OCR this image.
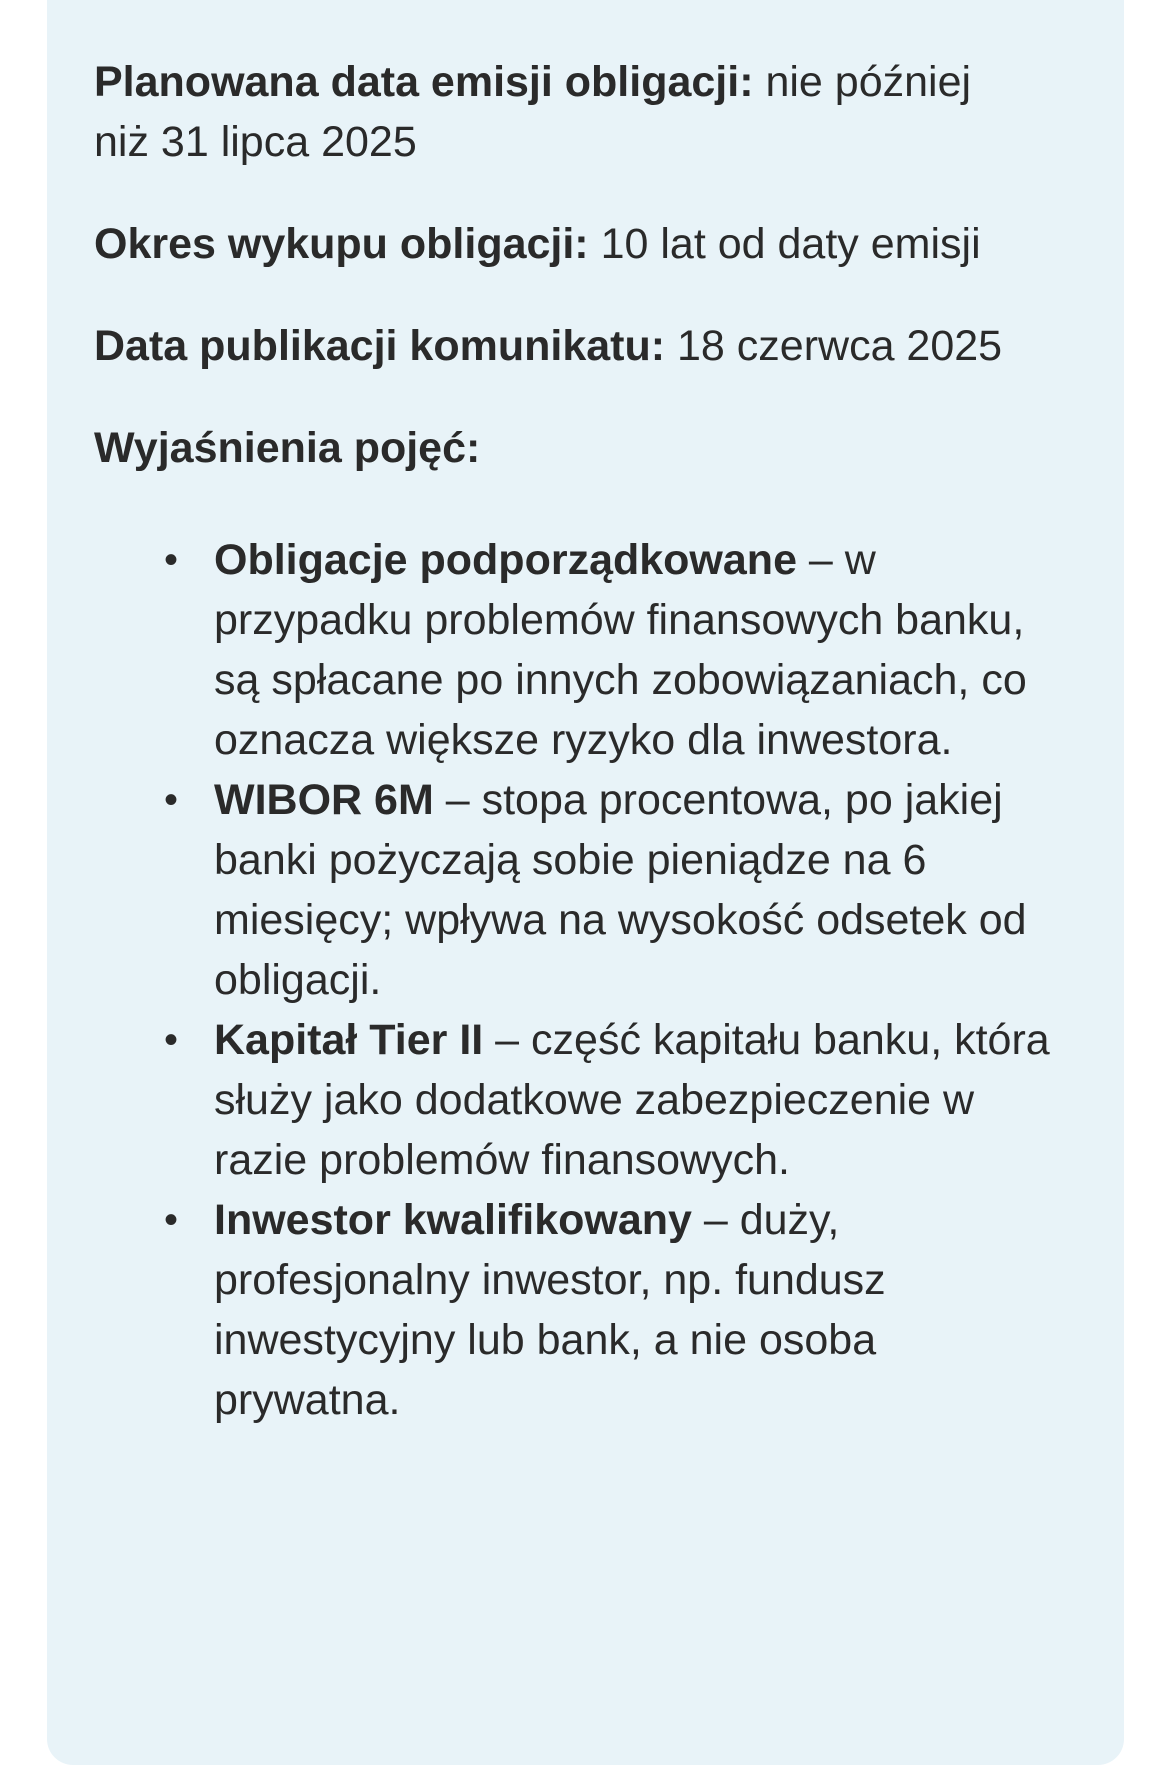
Planowana data emisji obligacji: nie później niż 31 lipca 2025

Okres wykupu obligacji: 10 lat od daty emisji

Data publikacji komunikatu: 18 czerwca 2025

Wyjaśnienia pojęć:

• Obligacje podporządkowane – w przypadku problemów finansowych banku, są spłacane po innych zobowiązaniach, co oznacza większe ryzyko dla inwestora.
• WIBOR 6M – stopa procentowa, po jakiej banki pożyczają sobie pieniądze na 6 miesięcy; wpływa na wysokość odsetek od obligacji.
• Kapitał Tier II – część kapitału banku, która służy jako dodatkowe zabezpieczenie w razie problemów finansowych.
• Inwestor kwalifikowany – duży, profesjonalny inwestor, np. fundusz inwestycyjny lub bank, a nie osoba prywatna.
